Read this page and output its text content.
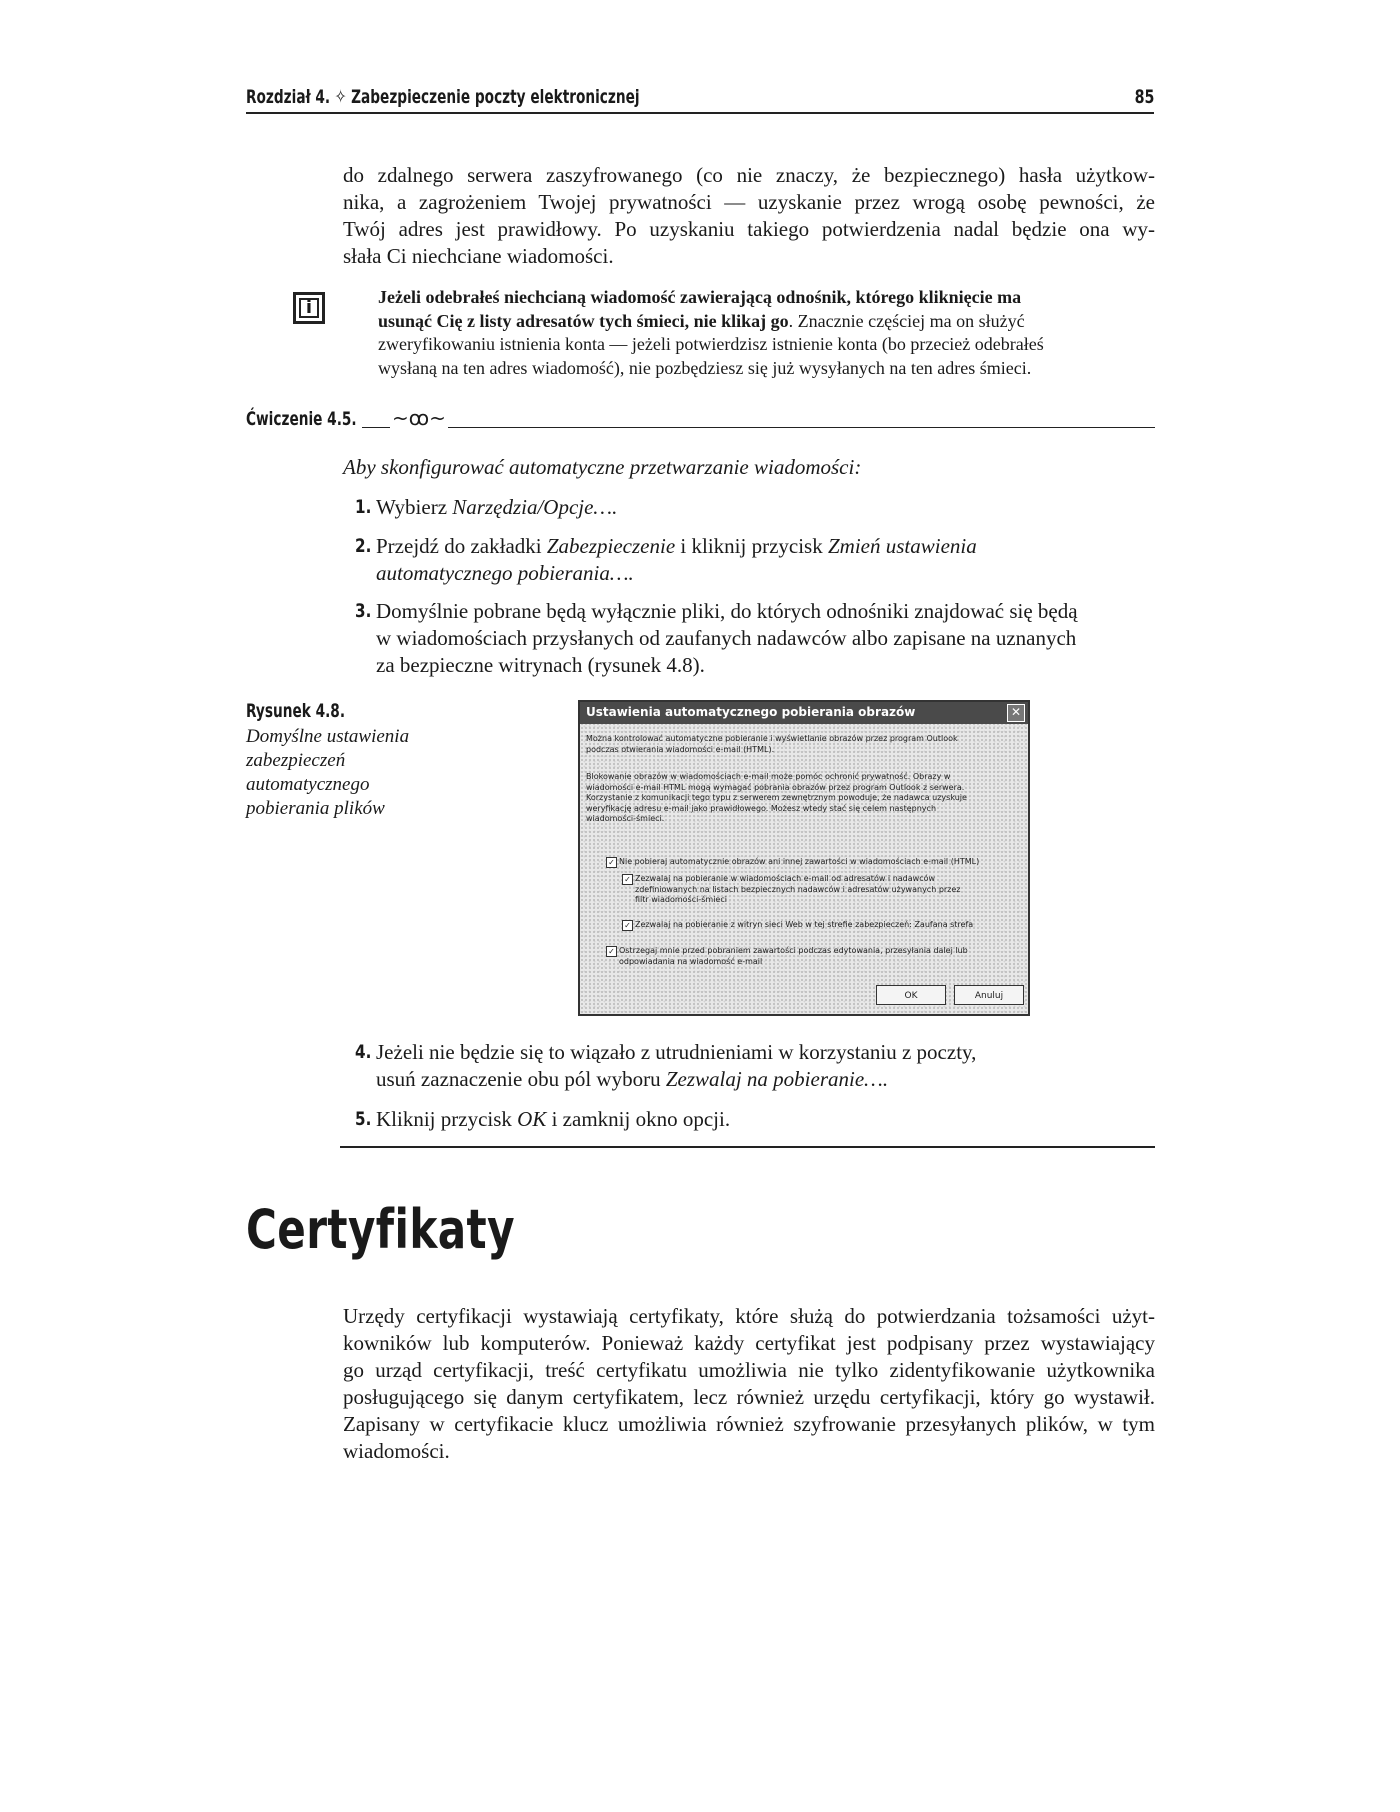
Rozdział 4. ✧ Zabezpieczenie poczty elektronicznej	85
do zdalnego serwera zaszyfrowanego (co nie znaczy, że bezpiecznego) hasła użytkow-
nika, a zagrożeniem Twojej prywatności — uzyskanie przez wrogą osobę pewności, że
Twój adres jest prawidłowy. Po uzyskaniu takiego potwierdzenia nadal będzie ona wy-
słała Ci niechciane wiadomości.
i	Jeżeli odebrałeś niechcianą wiadomość zawierającą odnośnik, którego kliknięcie ma
usunąć Cię z listy adresatów tych śmieci, nie klikaj go. Znacznie częściej ma on służyć
zweryfikowaniu istnienia konta — jeżeli potwierdzisz istnienie konta (bo przecież odebrałeś
wysłaną na ten adres wiadomość), nie pozbędziesz się już wysyłanych na ten adres śmieci.
Ćwiczenie 4.5. ~ꝏ~
Aby skonfigurować automatyczne przetwarzanie wiadomości:
1. Wybierz Narzędzia/Opcje….
2. Przejdź do zakładki Zabezpieczenie i kliknij przycisk Zmień ustawienia
automatycznego pobierania….
3. Domyślnie pobrane będą wyłącznie pliki, do których odnośniki znajdować się będą
w wiadomościach przysłanych od zaufanych nadawców albo zapisane na uznanych
za bezpieczne witrynach (rysunek 4.8).
Rysunek 4.8.
Domyślne ustawienia
zabezpieczeń
automatycznego
pobierania plików
Ustawienia automatycznego pobierania obrazów	✕
Można kontrolować automatyczne pobieranie i wyświetlanie obrazów przez program Outlook
podczas otwierania wiadomości e-mail (HTML).
Blokowanie obrazów w wiadomościach e-mail może pomóc ochronić prywatność. Obrazy w
wiadomości e-mail HTML mogą wymagać pobrania obrazów przez program Outlook z serwera.
Korzystanie z komunikacji tego typu z serwerem zewnętrznym powoduje, że nadawca uzyskuje
weryfikację adresu e-mail jako prawidłowego. Możesz wtedy stać się celem następnych
wiadomości-śmieci.
✓ Nie pobieraj automatycznie obrazów ani innej zawartości w wiadomościach e-mail (HTML)
✓ Zezwalaj na pobieranie w wiadomościach e-mail od adresatów i nadawców
zdefiniowanych na listach bezpiecznych nadawców i adresatów używanych przez
filtr wiadomości-śmieci
✓ Zezwalaj na pobieranie z witryn sieci Web w tej strefie zabezpieczeń: Zaufana strefa
✓ Ostrzegaj mnie przed pobraniem zawartości podczas edytowania, przesyłania dalej lub
odpowiadania na wiadomość e-mail
OK	Anuluj
4. Jeżeli nie będzie się to wiązało z utrudnieniami w korzystaniu z poczty,
usuń zaznaczenie obu pól wyboru Zezwalaj na pobieranie….
5. Kliknij przycisk OK i zamknij okno opcji.
Certyfikaty
Urzędy certyfikacji wystawiają certyfikaty, które służą do potwierdzania tożsamości użyt-
kowników lub komputerów. Ponieważ każdy certyfikat jest podpisany przez wystawiający
go urząd certyfikacji, treść certyfikatu umożliwia nie tylko zidentyfikowanie użytkownika
posługującego się danym certyfikatem, lecz również urzędu certyfikacji, który go wystawił.
Zapisany w certyfikacie klucz umożliwia również szyfrowanie przesyłanych plików, w tym
wiadomości.
